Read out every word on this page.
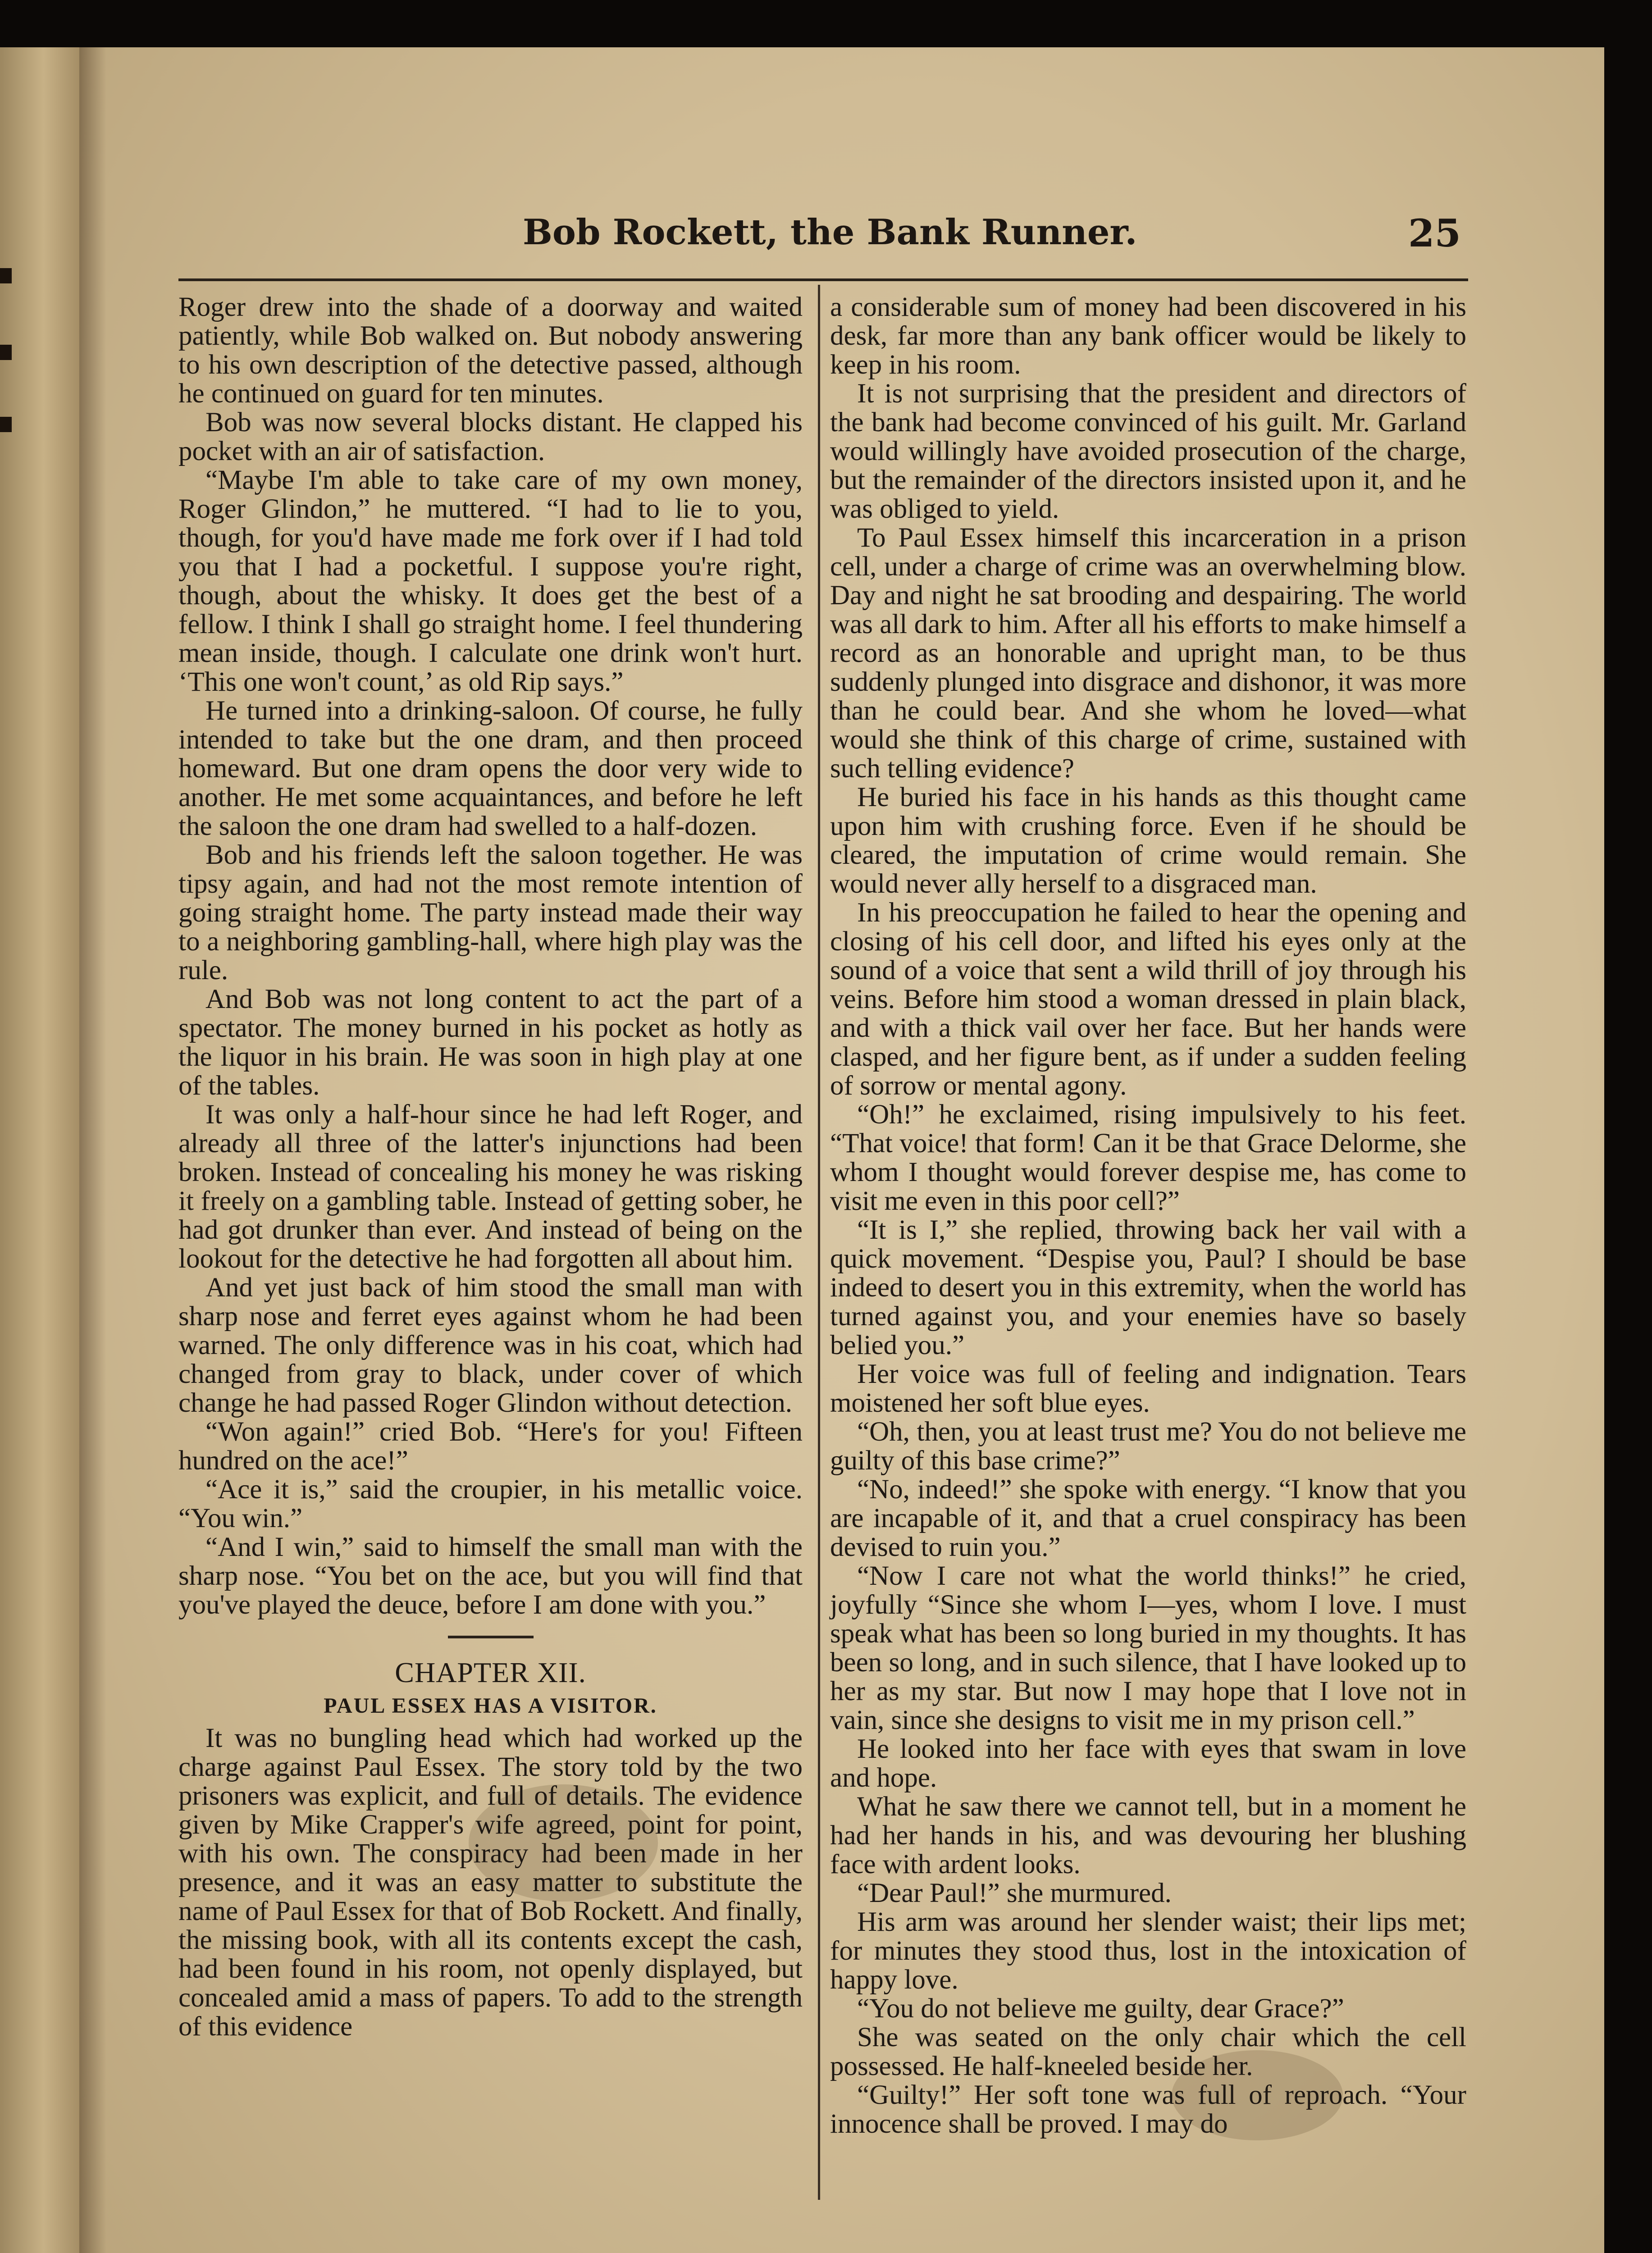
Bob Rockett, the Bank Runner.	25

Roger drew into the shade of a doorway and waited patiently, while Bob walked on. But nobody answering to his own description of the detective passed, although he continued on guard for ten minutes.

Bob was now several blocks distant. He clapped his pocket with an air of satisfaction.

“Maybe I'm able to take care of my own money, Roger Glindon,” he muttered. “I had to lie to you, though, for you'd have made me fork over if I had told you that I had a pocketful. I suppose you're right, though, about the whisky. It does get the best of a fellow. I think I shall go straight home. I feel thundering mean inside, though. I calculate one drink won't hurt. ‘This one won't count,’ as old Rip says.”

He turned into a drinking-saloon. Of course, he fully intended to take but the one dram, and then proceed homeward. But one dram opens the door very wide to another. He met some acquaintances, and before he left the saloon the one dram had swelled to a half-dozen.

Bob and his friends left the saloon together. He was tipsy again, and had not the most remote intention of going straight home. The party instead made their way to a neighboring gambling-hall, where high play was the rule.

And Bob was not long content to act the part of a spectator. The money burned in his pocket as hotly as the liquor in his brain. He was soon in high play at one of the tables.

It was only a half-hour since he had left Roger, and already all three of the latter's injunctions had been broken. Instead of concealing his money he was risking it freely on a gambling table. Instead of getting sober, he had got drunker than ever. And instead of being on the lookout for the detective he had forgotten all about him.

And yet just back of him stood the small man with sharp nose and ferret eyes against whom he had been warned. The only difference was in his coat, which had changed from gray to black, under cover of which change he had passed Roger Glindon without detection.

“Won again!” cried Bob. “Here's for you! Fifteen hundred on the ace!”

“Ace it is,” said the croupier, in his metallic voice. “You win.”

“And I win,” said to himself the small man with the sharp nose. “You bet on the ace, but you will find that you've played the deuce, before I am done with you.”

CHAPTER XII.
PAUL ESSEX HAS A VISITOR.

It was no bungling head which had worked up the charge against Paul Essex. The story told by the two prisoners was explicit, and full of details. The evidence given by Mike Crapper's wife agreed, point for point, with his own. The conspiracy had been made in her presence, and it was an easy matter to substitute the name of Paul Essex for that of Bob Rockett. And finally, the missing book, with all its contents except the cash, had been found in his room, not openly displayed, but concealed amid a mass of papers. To add to the strength of this evidence

a considerable sum of money had been discovered in his desk, far more than any bank officer would be likely to keep in his room.

It is not surprising that the president and directors of the bank had become convinced of his guilt. Mr. Garland would willingly have avoided prosecution of the charge, but the remainder of the directors insisted upon it, and he was obliged to yield.

To Paul Essex himself this incarceration in a prison cell, under a charge of crime was an overwhelming blow. Day and night he sat brooding and despairing. The world was all dark to him. After all his efforts to make himself a record as an honorable and upright man, to be thus suddenly plunged into disgrace and dishonor, it was more than he could bear. And she whom he loved—what would she think of this charge of crime, sustained with such telling evidence?

He buried his face in his hands as this thought came upon him with crushing force. Even if he should be cleared, the imputation of crime would remain. She would never ally herself to a disgraced man.

In his preoccupation he failed to hear the opening and closing of his cell door, and lifted his eyes only at the sound of a voice that sent a wild thrill of joy through his veins. Before him stood a woman dressed in plain black, and with a thick vail over her face. But her hands were clasped, and her figure bent, as if under a sudden feeling of sorrow or mental agony.

“Oh!” he exclaimed, rising impulsively to his feet. “That voice! that form! Can it be that Grace Delorme, she whom I thought would forever despise me, has come to visit me even in this poor cell?”

“It is I,” she replied, throwing back her vail with a quick movement. “Despise you, Paul? I should be base indeed to desert you in this extremity, when the world has turned against you, and your enemies have so basely belied you.”

Her voice was full of feeling and indignation. Tears moistened her soft blue eyes.

“Oh, then, you at least trust me? You do not believe me guilty of this base crime?”

“No, indeed!” she spoke with energy. “I know that you are incapable of it, and that a cruel conspiracy has been devised to ruin you.”

“Now I care not what the world thinks!” he cried, joyfully “Since she whom I—yes, whom I love. I must speak what has been so long buried in my thoughts. It has been so long, and in such silence, that I have looked up to her as my star. But now I may hope that I love not in vain, since she designs to visit me in my prison cell.”

He looked into her face with eyes that swam in love and hope.

What he saw there we cannot tell, but in a moment he had her hands in his, and was devouring her blushing face with ardent looks.

“Dear Paul!” she murmured.

His arm was around her slender waist; their lips met; for minutes they stood thus, lost in the intoxication of happy love.

“You do not believe me guilty, dear Grace?”

She was seated on the only chair which the cell possessed. He half-kneeled beside her.

“Guilty!” Her soft tone was full of reproach. “Your innocence shall be proved. I may do
